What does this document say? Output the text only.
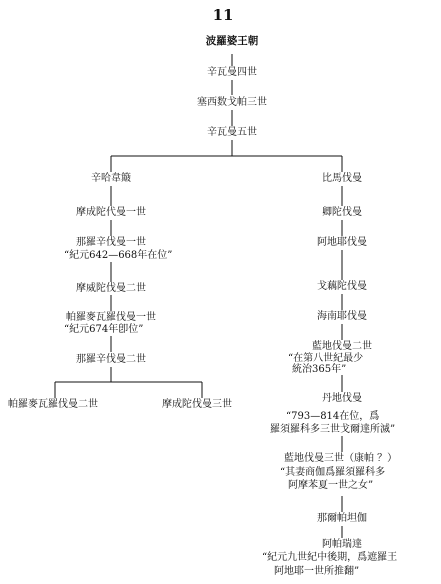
11
波羅婆王朝
辛瓦曼四世
塞西数戈帕三世
辛瓦曼五世
辛哈韋簸
摩成陀代曼一世
那羅辛伐曼一世
“紀元642—668年在位”
摩威陀伐曼二世
帕羅麥瓦羅伐曼一世
“紀元674年卽位”
那羅辛伐曼二世
帕羅麥瓦羅伐曼二世	摩成陀伐曼三世
比馬伐曼
卿陀伐曼
阿地耶伐曼
戈藕陀伐曼
海南耶伐曼
藍地伐曼二世
“在第八世紀最少
統治365年”
丹地伐曼
“793—814在位，爲
羅須羅科多三世戈爾達所滅”
藍地伐曼三世（康帕 ？）
“其妻商伽爲羅須羅科多
阿摩苯夏一世之女”
那爾帕坦伽
阿帕瑞達
“紀元九世紀中後期，爲遮羅王
阿地耶一世所推翻”
